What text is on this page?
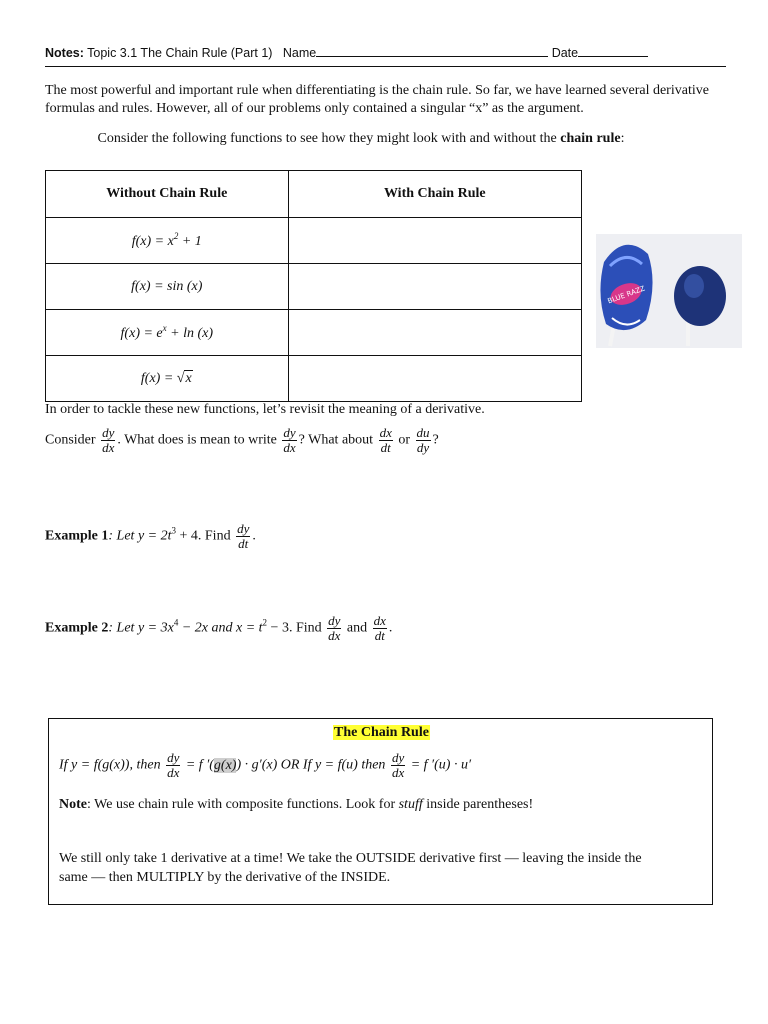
Notes: Topic 3.1 The Chain Rule (Part 1) Name	Date
The most powerful and important rule when differentiating is the chain rule. So far, we have learned several derivative formulas and rules. However, all of our problems only contained a singular “x” as the argument.
Consider the following functions to see how they might look with and without the chain rule:
Without Chain Rule	With Chain Rule
$f(x) = x^2 + 1$	
f(x) = sin (x)	
$f(x) = e^x + \ln (x)$	
f(x) = √x	
BLUE RAZZ
In order to tackle these new functions, let’s revisit the meaning of a derivative.
Consider $\frac{dy}{dx}$ . What does is mean to write $\frac{dy}{dx}$ ? What about $\frac{dx}{dt}$ or $\frac{du}{dy}$ ?
Example 1: Let $y = 2t^3 + 4$. Find $\frac{dy}{dt}$ .
Example 2: Let $y = 3x^4 - 2x$ and $x = t^2 - 3$. Find $\frac{dy}{dx}$ and $\frac{dx}{dt}$ .
The Chain Rule
If y = f(g(x)), then $\frac{dy}{dx} = f$ ′(g(x)) · g′(x) OR If y = f(u) then $\frac{dy}{dx} = f$ ′(u) · u′
Note: We use chain rule with composite functions. Look for stuff inside parentheses!
We still only take 1 derivative at a time! We take the OUTSIDE derivative first — leaving the inside the same — then MULTIPLY by the derivative of the INSIDE.
